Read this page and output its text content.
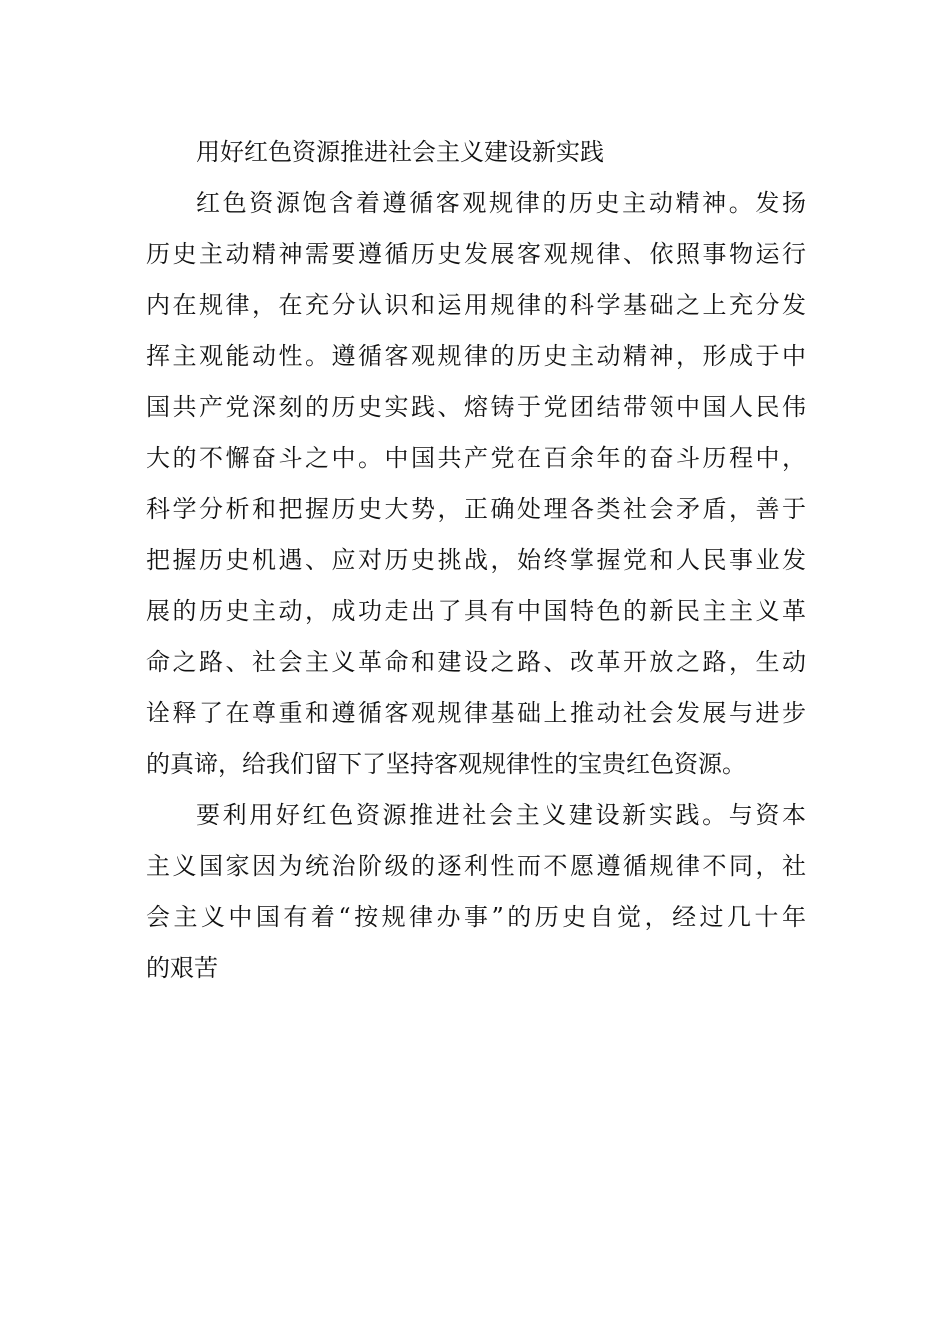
用好红色资源推进社会主义建设新实践
红色资源饱含着遵循客观规律的历史主动精神。发扬
历史主动精神需要遵循历史发展客观规律、依照事物运行
内在规律，在充分认识和运用规律的科学基础之上充分发
挥主观能动性。遵循客观规律的历史主动精神，形成于中
国共产党深刻的历史实践、熔铸于党团结带领中国人民伟
大的不懈奋斗之中。中国共产党在百余年的奋斗历程中，
科学分析和把握历史大势，正确处理各类社会矛盾，善于
把握历史机遇、应对历史挑战，始终掌握党和人民事业发
展的历史主动，成功走出了具有中国特色的新民主主义革
命之路、社会主义革命和建设之路、改革开放之路，生动
诠释了在尊重和遵循客观规律基础上推动社会发展与进步
的真谛，给我们留下了坚持客观规律性的宝贵红色资源。
要利用好红色资源推进社会主义建设新实践。与资本
主义国家因为统治阶级的逐利性而不愿遵循规律不同，社
会主义中国有着“按规律办事”的历史自觉，经过几十年
的艰苦
